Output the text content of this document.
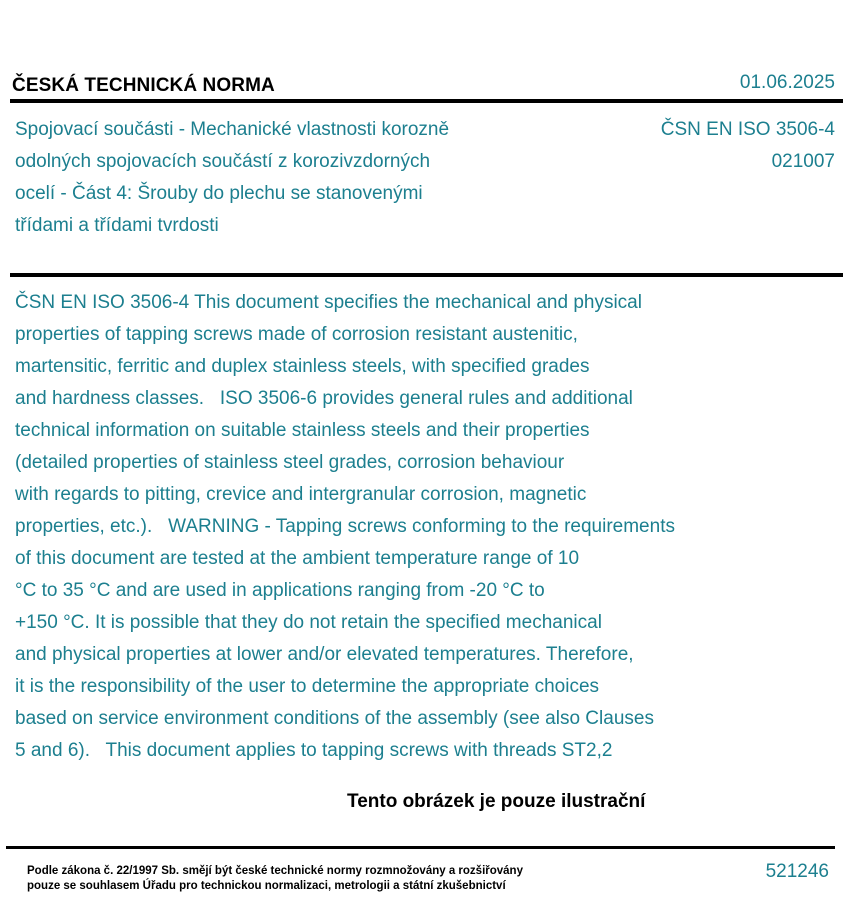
ČESKÁ TECHNICKÁ NORMA	01.06.2025
Spojovací součásti - Mechanické vlastnosti korozně
odolných spojovacích součástí z korozivzdorných
ocelí - Část 4: Šrouby do plechu se stanovenými
třídami a třídami tvrdosti
ČSN EN ISO 3506-4
021007
ČSN EN ISO 3506-4 This document specifies the mechanical and physical
properties of tapping screws made of corrosion resistant austenitic,
martensitic, ferritic and duplex stainless steels, with specified grades
and hardness classes.   ISO 3506-6 provides general rules and additional
technical information on suitable stainless steels and their properties
(detailed properties of stainless steel grades, corrosion behaviour
with regards to pitting, crevice and intergranular corrosion, magnetic
properties, etc.).   WARNING - Tapping screws conforming to the requirements
of this document are tested at the ambient temperature range of 10
°C to 35 °C and are used in applications ranging from -20 °C to
+150 °C. It is possible that they do not retain the specified mechanical
and physical properties at lower and/or elevated temperatures. Therefore,
it is the responsibility of the user to determine the appropriate choices
based on service environment conditions of the assembly (see also Clauses
5 and 6).   This document applies to tapping screws with threads ST2,2
Tento obrázek je pouze ilustrační
Podle zákona č. 22/1997 Sb. smějí být české technické normy rozmnožovány a rozšiřovány
pouze se souhlasem Úřadu pro technickou normalizaci, metrologii a státní zkušebnictví
521246
